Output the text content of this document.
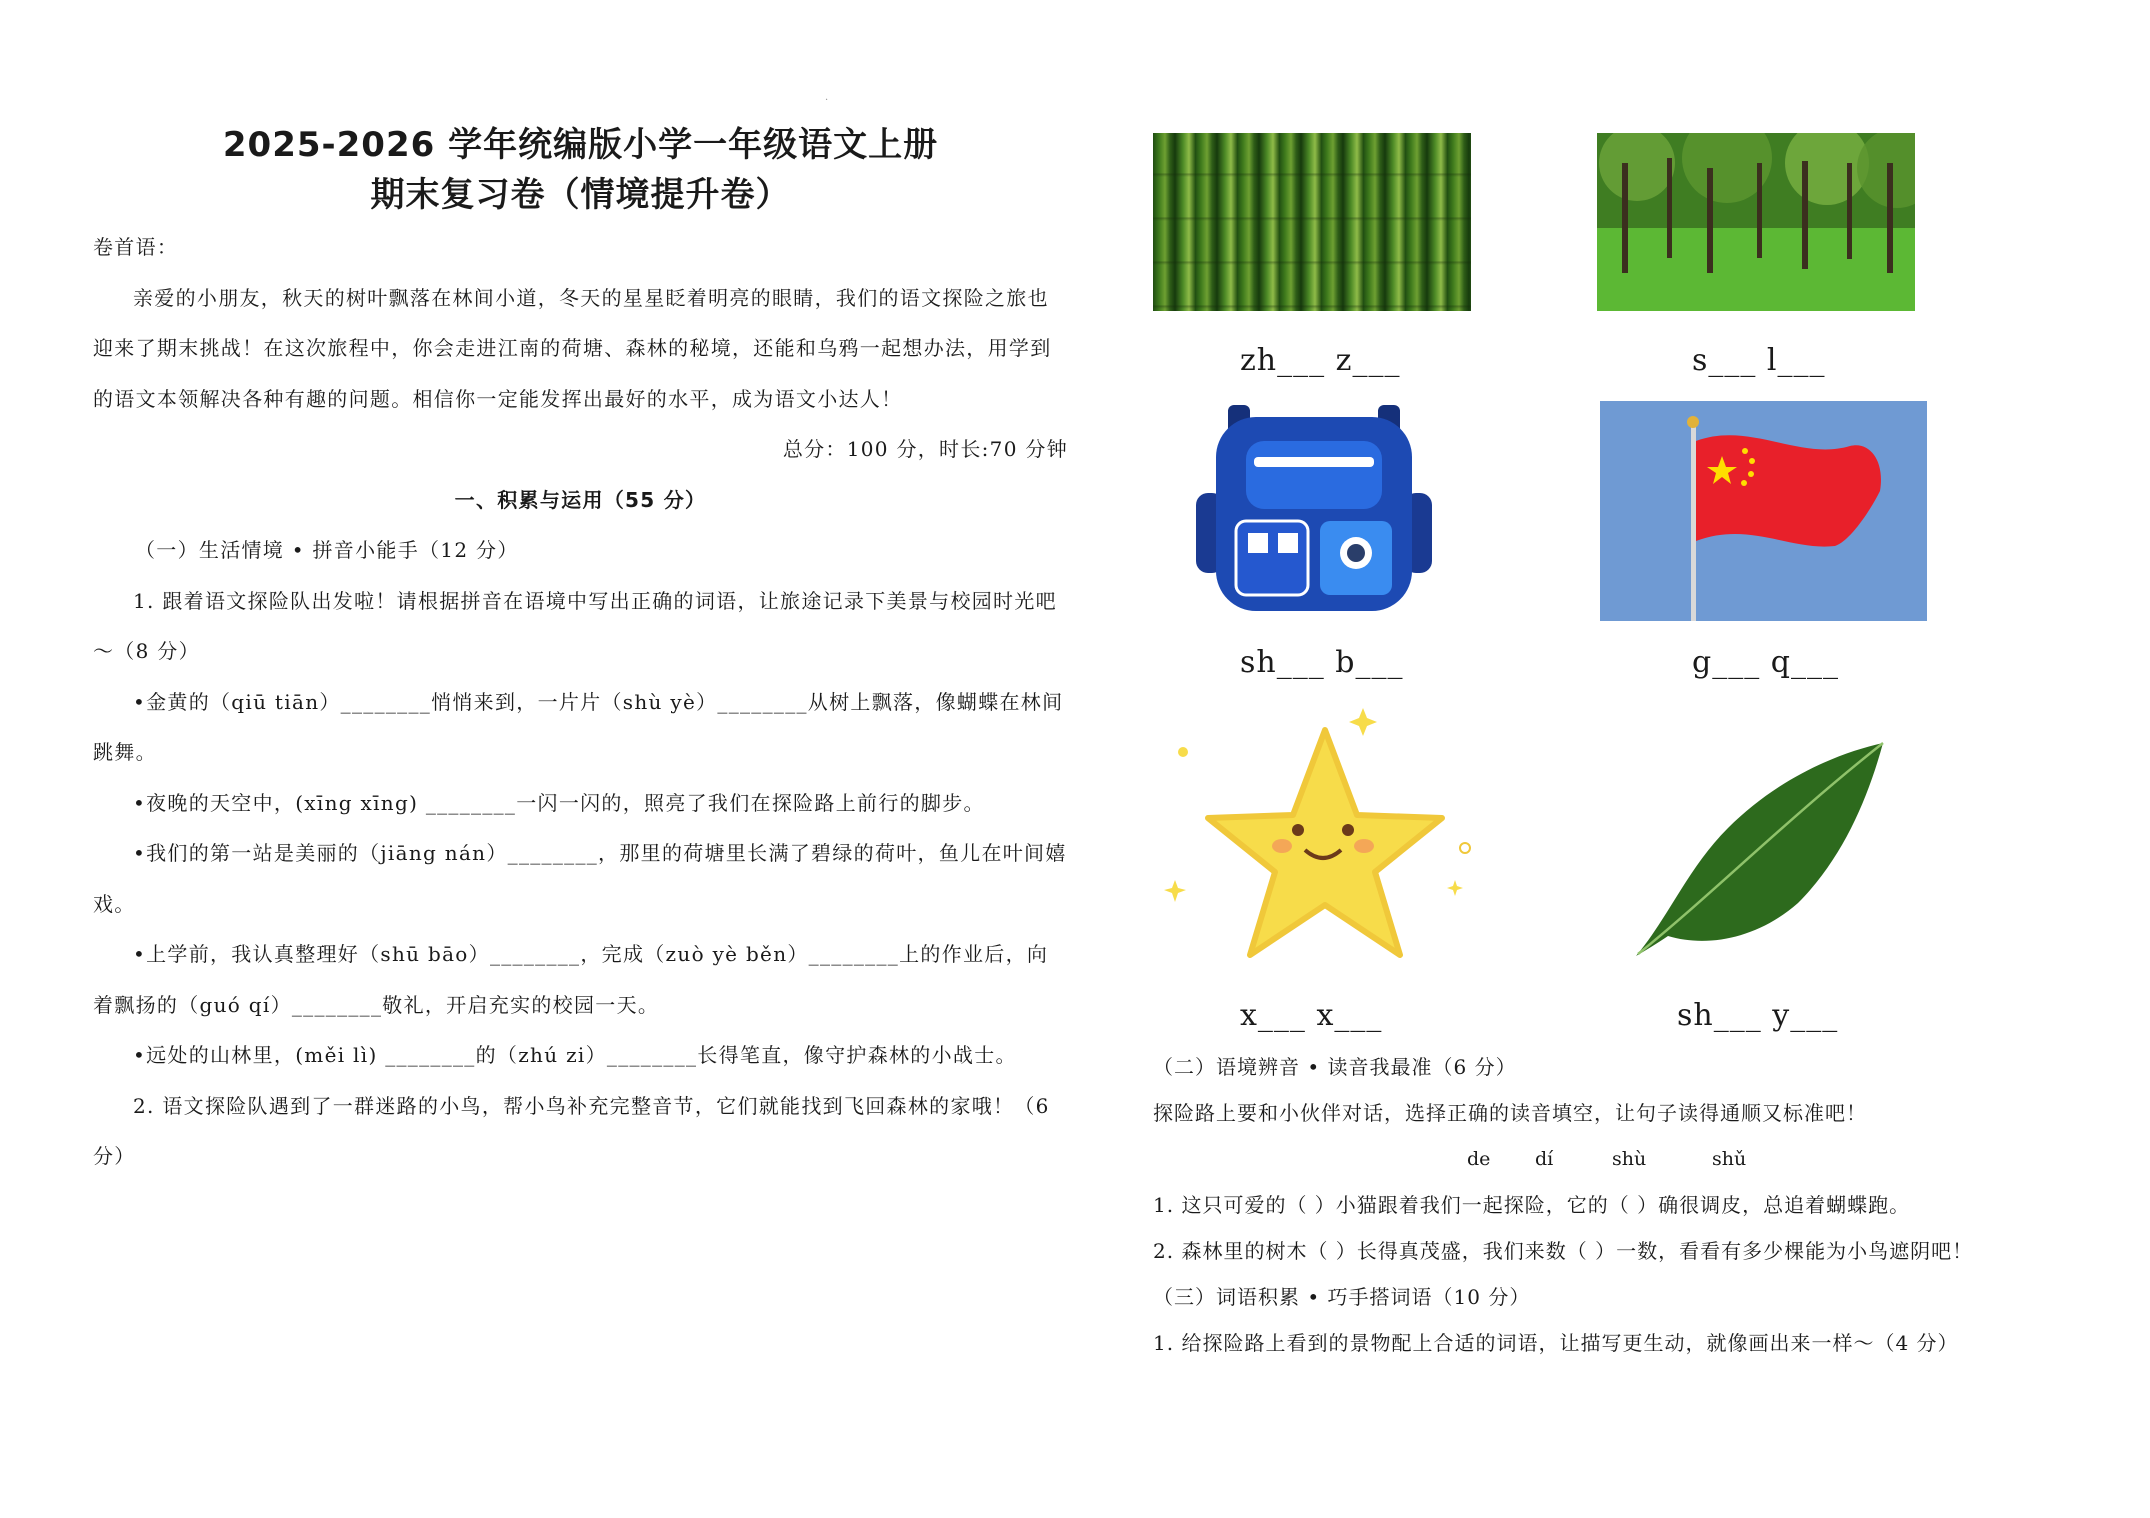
·
2025-2026 学年统编版小学一年级语文上册
期末复习卷（情境提升卷）

卷首语：

亲爱的小朋友，秋天的树叶飘落在林间小道，冬天的星星眨着明亮的眼睛，我们的语文探险之旅也迎来了期末挑战！在这次旅程中，你会走进江南的荷塘、森林的秘境，还能和乌鸦一起想办法，用学到的语文本领解决各种有趣的问题。相信你一定能发挥出最好的水平，成为语文小达人！

总分：100 分，时长:70 分钟

一、积累与运用（55 分）

（一）生活情境 • 拼音小能手（12 分）

1. 跟着语文探险队出发啦！请根据拼音在语境中写出正确的词语，让旅途记录下美景与校园时光吧～（8 分）

•金黄的（qiū tiān）________悄悄来到，一片片（shù yè）________从树上飘落，像蝴蝶在林间跳舞。

•夜晚的天空中，(xīng xīng) ________一闪一闪的，照亮了我们在探险路上前行的脚步。

•我们的第一站是美丽的（jiāng nán）________，那里的荷塘里长满了碧绿的荷叶，鱼儿在叶间嬉戏。

•上学前，我认真整理好（shū bāo）________，完成（zuò yè běn）________上的作业后，向着飘扬的（guó qí）________敬礼，开启充实的校园一天。

•远处的山林里，(měi lì) ________的（zhú zi）________长得笔直，像守护森林的小战士。

2. 语文探险队遇到了一群迷路的小鸟，帮小鸟补充完整音节，它们就能找到飞回森林的家哦！（6 分）

zh___ z___	s___ l___
sh___ b___	g___ q___
x___ x___	sh___ y___

（二）语境辨音 • 读音我最准（6 分）

探险路上要和小伙伴对话，选择正确的读音填空，让句子读得通顺又标准吧！

de dí	shù	shǔ

1. 这只可爱的（ ）小猫跟着我们一起探险，它的（ ）确很调皮，总追着蝴蝶跑。

2. 森林里的树木（ ）长得真茂盛，我们来数（ ）一数，看看有多少棵能为小鸟遮阴吧！

（三）词语积累 • 巧手搭词语（10 分）

1. 给探险路上看到的景物配上合适的词语，让描写更生动，就像画出来一样～（4 分）
